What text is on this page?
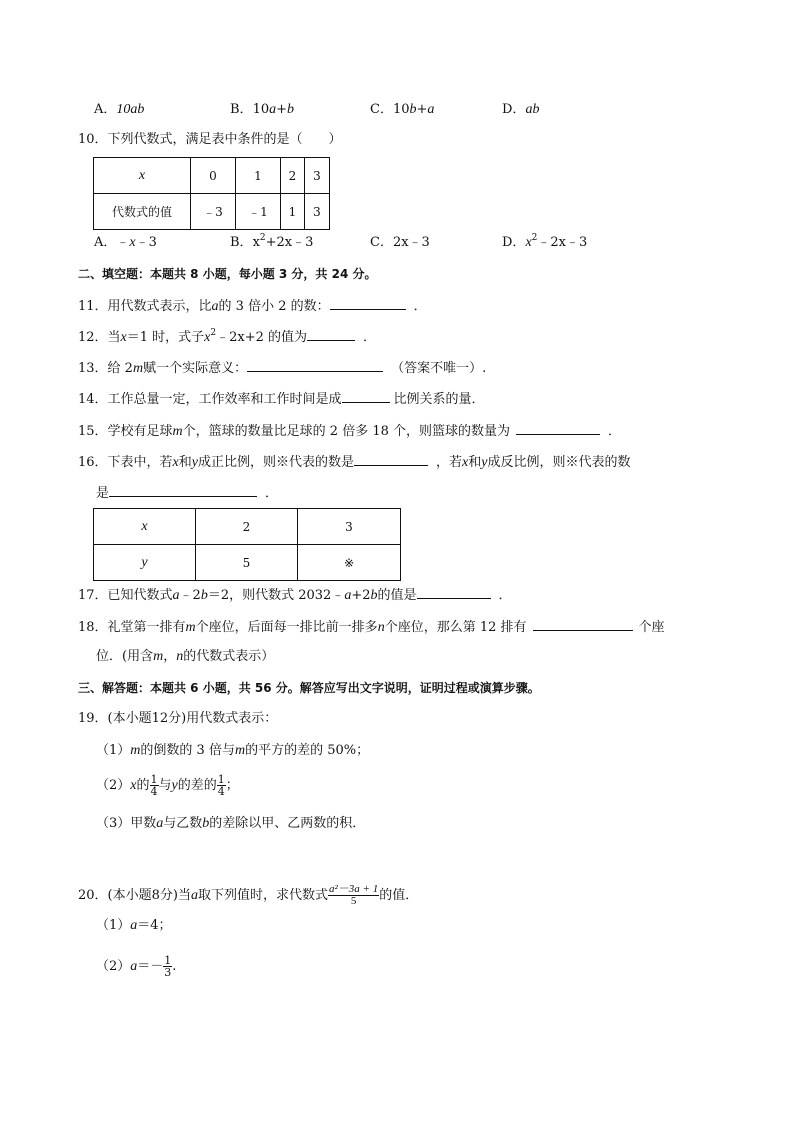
A．10ab	B．10a+b	C．10b+a	D．ab
10．下列代数式，满足表中条件的是（　　）
x	0	1	2	3
代数式的值	﹣3	﹣1	1	3
A．﹣x﹣3	B．$x^2+2x﹣3$	C．2x﹣3	D．$x^2﹣2x﹣3$
二、填空题：本题共 8 小题，每小题 3 分，共 24 分。
11．用代数式表示，比a的 3 倍小 2 的数：	．
12．当x＝1 时，式子$x^2﹣2x+2$ 的值为	．
13．给 2m赋一个实际意义：	（答案不唯一）.
14．工作总量一定，工作效率和工作时间是成	比例关系的量．
15．学校有足球m个，篮球的数量比足球的 2 倍多 18 个，则篮球的数量为	．
16．下表中，若x和y成正比例，则※代表的数是	，若x和y成反比例，则※代表的数
是	．
x	2	3
y	5	※
17．已知代数式a﹣2b＝2，则代数式 2032﹣a+2b的值是	．
18．礼堂第一排有m个座位，后面每一排比前一排多n个座位，那么第 12 排有	个座
位．(用含m，n的代数式表示）
三、解答题：本题共 6 小题，共 56 分。解答应写出文字说明，证明过程或演算步骤。
19．(本小题12分)用代数式表示：
（1）m的倒数的 3 倍与m的平方的差的 50%；
（2）x的 $\frac{1}{4}$ 与y的差的 $\frac{1}{4}$ ；
（3）甲数a与乙数b的差除以甲、乙两数的积．
20．(本小题8分)当a取下列值时，求代数式 $\frac{\text{a²－3a + 1}}{5}$ 的值．
（1）a＝4；
$(2)a=- \frac{1}{3}$ .
